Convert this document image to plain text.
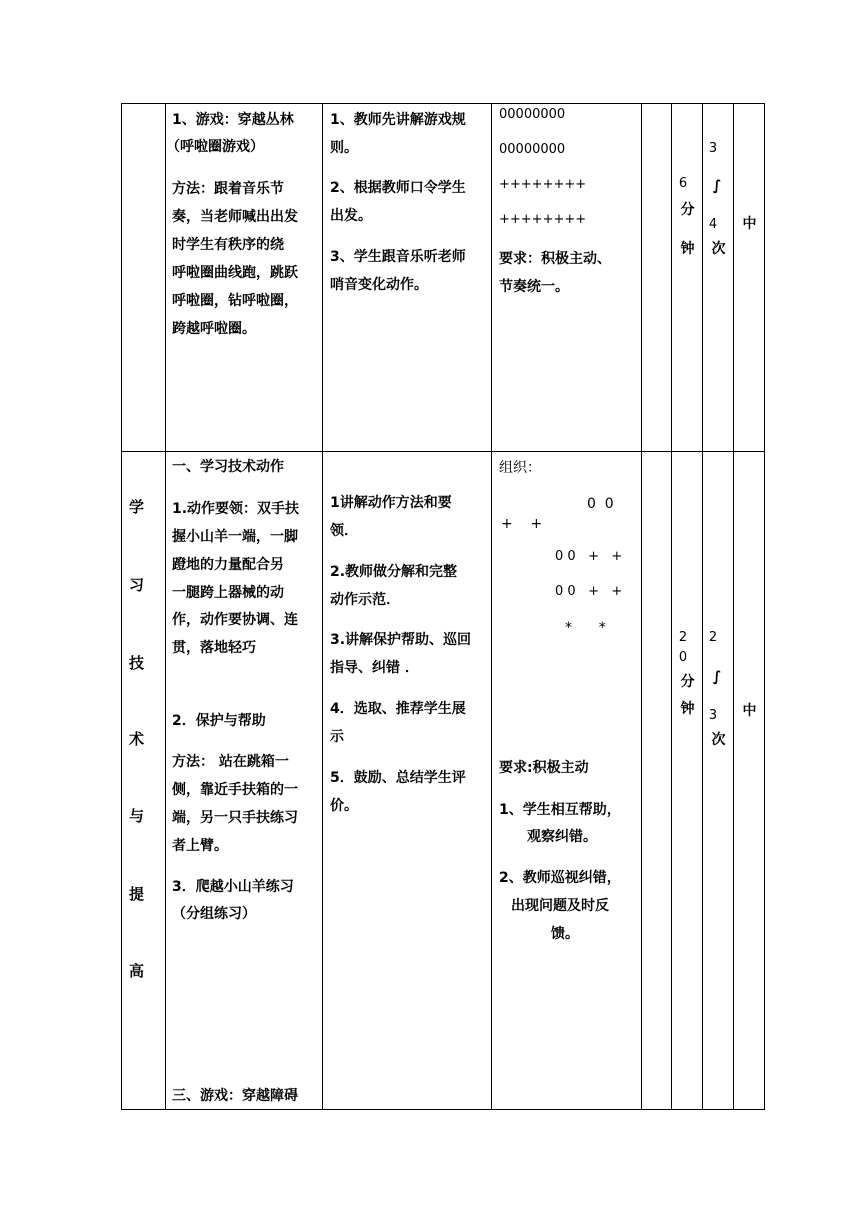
1、游戏：穿越丛林
（呼啦圈游戏）
方法：跟着音乐节
奏，当老师喊出出发
时学生有秩序的绕
呼啦圈曲线跑，跳跃
呼啦圈，钻呼啦圈，
跨越呼啦圈。
1、教师先讲解游戏规
则。
2、根据教师口令学生
出发。
3、学生跟音乐听老师
哨音变化动作。
00000000
00000000
++++++++
++++++++
要求：积极主动、
节奏统一。
6
分
钟
3
∫
4
次
中
学
习
技
术
与
提
高
一、学习技术动作
1.动作要领：双手扶
握小山羊一端，一脚
蹬地的力量配合另
一腿跨上器械的动
作，动作要协调、连
贯，落地轻巧
2．保护与帮助
方法： 站在跳箱一
侧，靠近手扶箱的一
端，另一只手扶练习
者上臂。
3．爬越小山羊练习
（分组练习）
三、游戏：穿越障碍
1讲解动作方法和要
领．
2.教师做分解和完整
动作示范．
3.讲解保护帮助、巡回
指导、纠错 ．
4．选取、推荐学生展
示
5．鼓励、总结学生评
价。
组织：
0  0
+    +
0 0   +   +
0 0   +   +
*      *
要求:积极主动
1、学生相互帮助，
观察纠错。
2、教师巡视纠错，
出现问题及时反
馈。
2
0
分
钟
2
∫
3
次
中
